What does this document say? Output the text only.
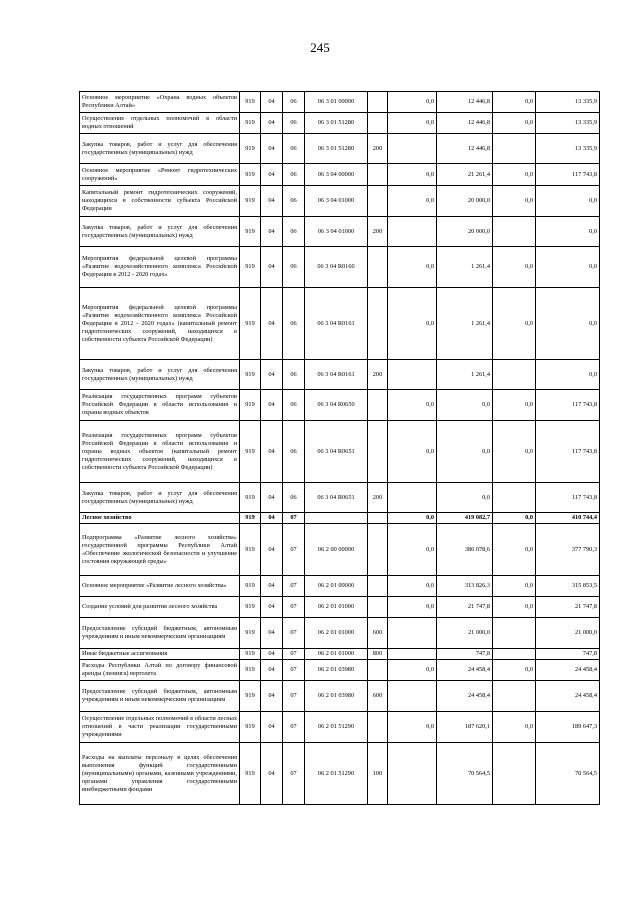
245
Основное мероприятие «Охрана водных объектов Республики Алтай»	919	04	06	06 3 01 00000		0,0	12 446,8	0,0	13 335,9
Осуществление отдельных полномочий в области водных отношений	919	04	06	06 3 01 51280		0,0	12 446,8	0,0	13 335,9
Закупка товаров, работ и услуг для обеспечения государственных (муниципальных) нужд	919	04	06	06 3 01 51280	200		12 446,8		13 335,9
Основное мероприятие «Ремонт гидротехнических сооружений»	919	04	06	06 3 04 00000		0,0	21 261,4	0,0	117 743,8
Капитальный ремонт гидротехнических сооружений, находящихся в собственности субъекта Российской Федерации	919	04	06	06 3 04 01000		0,0	20 000,0	0,0	0,0
Закупка товаров, работ и услуг для обеспечения государственных (муниципальных) нужд	919	04	06	06 3 04 01000	200		20 000,0		0,0
Мероприятия федеральной целевой программы «Развитие водохозяйственного комплекса Российской Федерации в 2012 - 2020 годах»	919	04	06	06 3 04 R0160		0,0	1 261,4	0,0	0,0
Мероприятия федеральной целевой программы «Развитие водохозяйственного комплекса Российской Федерации в 2012 - 2020 годах» (капитальный ремонт гидротехнических сооружений, находящихся в собственности субъекта Российской Федерации)	919	04	06	06 3 04 R0161		0,0	1 261,4	0,0	0,0
Закупка товаров, работ и услуг для обеспечения государственных (муниципальных) нужд	919	04	06	06 3 04 R0161	200		1 261,4		0,0
Реализация государственных программ субъектов Российской Федерации в области использования и охраны водных объектов	919	04	06	06 3 04 R0650		0,0	0,0	0,0	117 743,8
Реализация государственных программ субъектов Российской Федерации в области использования и охраны водных объектов (капитальный ремонт гидротехнических сооружений, находящихся в собственности субъекта Российской Федерации)	919	04	06	06 3 04 R0651		0,0	0,0	0,0	117 743,8
Закупка товаров, работ и услуг для обеспечения государственных (муниципальных) нужд	919	04	06	06 3 04 R0651	200		0,0		117 743,8
Лесное хозяйство	919	04	07			0,0	419 082,7	0,0	410 744,4
Подпрограмма «Развитие лесного хозяйства» государственной программы Республики Алтай «Обеспечение экологической безопасности и улучшение состояния окружающей среды»	919	04	07	06 2 00 00000		0,0	386 078,6	0,0	377 790,3
Основное мероприятие «Развитие лесного хозяйства»	919	04	07	06 2 01 00000		0,0	313 826,3	0,0	315 853,5
Создание условий для развития лесного хозяйства	919	04	07	06 2 01 01000		0,0	21 747,8	0,0	21 747,8
Предоставление субсидий бюджетным, автономным учреждениям и иным некоммерческим организациям	919	04	07	06 2 01 01000	600		21 000,0		21 000,0
Иные бюджетные ассигнования	919	04	07	06 2 01 01000	800		747,8		747,8
Расходы Республики Алтай по договору финансовой аренды (лизинга) вертолета	919	04	07	06 2 01 03980		0,0	24 458,4	0,0	24 458,4
Предоставление субсидий бюджетным, автономным учреждениям и иным некоммерческим организациям	919	04	07	06 2 01 03980	600		24 458,4		24 458,4
Осуществление отдельных полномочий в области лесных отношений в части реализации государственными учреждениями	919	04	07	06 2 01 51290		0,0	187 620,1	0,0	189 647,3
Расходы на выплаты персоналу в целях обеспечения выполнения функций государственными (муниципальными) органами, казенными учреждениями, органами управления государственными внебюджетными фондами	919	04	07	06 2 01 51290	100		70 564,5		70 564,5
